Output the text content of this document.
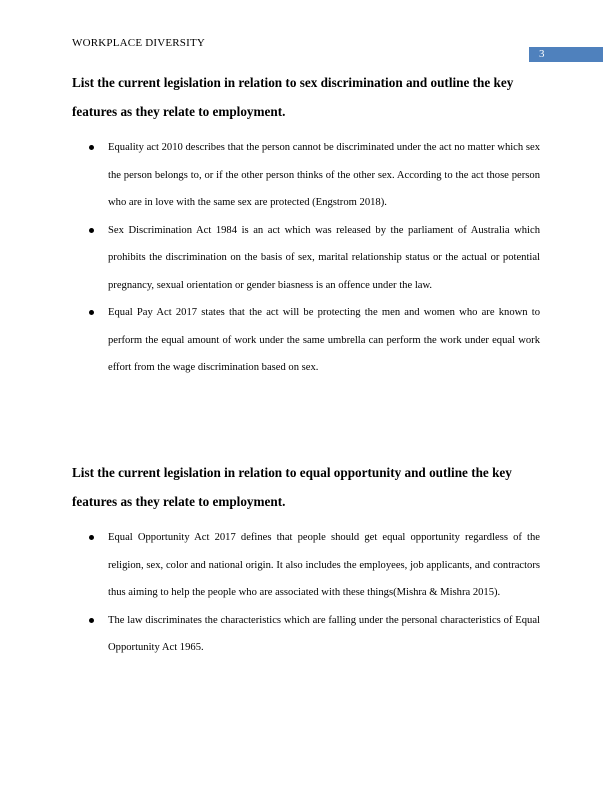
WORKPLACE DIVERSITY
3
List the current legislation in relation to sex discrimination and outline the key features as they relate to employment.
Equality act 2010 describes that the person cannot be discriminated under the act no matter which sex the person belongs to, or if the other person thinks of the other sex. According to the act those person who are in love with the same sex are protected (Engstrom 2018).
Sex Discrimination Act 1984 is an act which was released by the parliament of Australia which prohibits the discrimination on the basis of sex, marital relationship status or the actual or potential pregnancy, sexual orientation or gender biasness is an offence under the law.
Equal Pay Act 2017 states that the act will be protecting the men and women who are known to perform the equal amount of work under the same umbrella can perform the work under equal work effort from the wage discrimination based on sex.
List the current legislation in relation to equal opportunity and outline the key features as they relate to employment.
Equal Opportunity Act 2017 defines that people should get equal opportunity regardless of the religion, sex, color and national origin. It also includes the employees, job applicants, and contractors thus aiming to help the people who are associated with these things(Mishra & Mishra 2015).
The law discriminates the characteristics which are falling under the personal characteristics of Equal Opportunity Act 1965.
